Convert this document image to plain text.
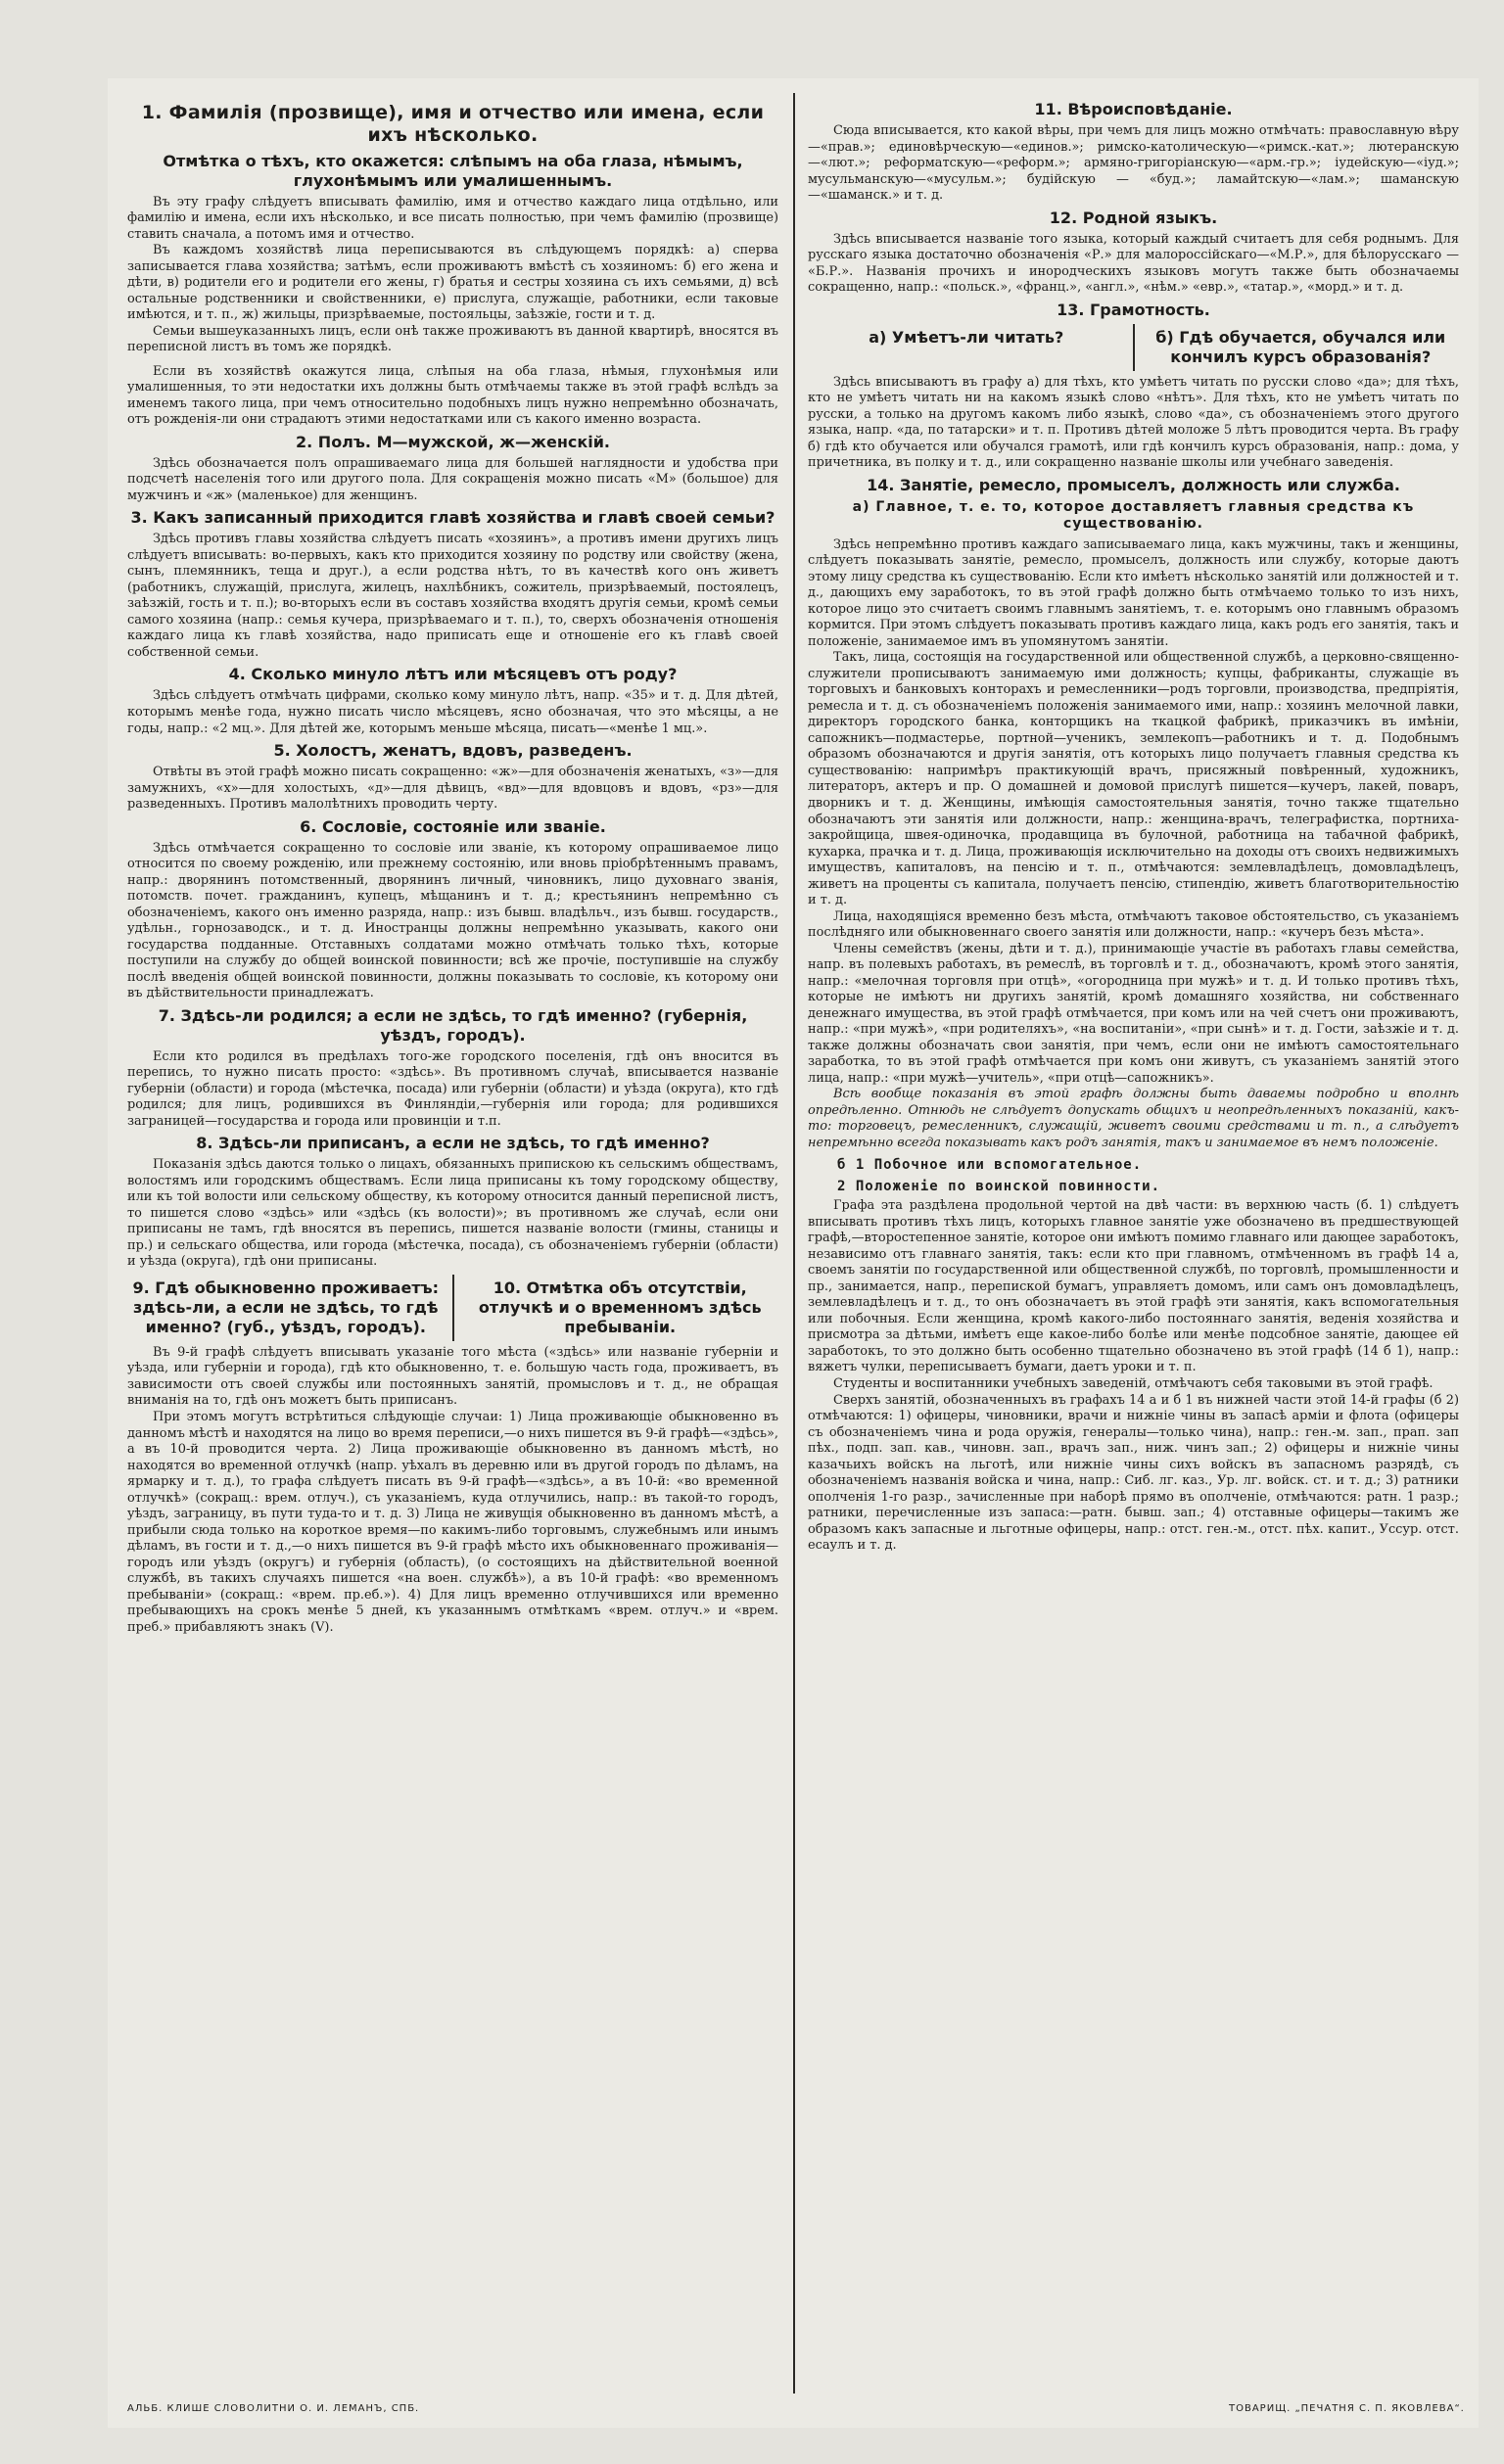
1. Фамилія (прозвище), имя и отчество или имена, если ихъ нѣсколько.
Отмѣтка о тѣхъ, кто окажется: слѣпымъ на оба глаза, нѣмымъ, глухонѣмымъ или умалишеннымъ.

Въ эту графу слѣдуетъ вписывать фамилію, имя и отчество каждаго лица отдѣльно, или фамилію и имена, если ихъ нѣсколько, и все писать полностью, при чемъ фамилію (прозвище) ставить сначала, а потомъ имя и отчество.

Въ каждомъ хозяйствѣ лица переписываются въ слѣдующемъ порядкѣ: а) сперва записывается глава хозяйства; затѣмъ, если проживаютъ вмѣстѣ съ хозяиномъ: б) его жена и дѣти, в) родители его и родители его жены, г) братья и сестры хозяина съ ихъ семьями, д) всѣ остальные родственники и свойственники, е) прислуга, служащіе, работники, если таковые имѣются, и т. п., ж) жильцы, призрѣваемые, постояльцы, заѣзжіе, гости и т. д.

Семьи вышеуказанныхъ лицъ, если онѣ также проживаютъ въ данной квартирѣ, вносятся въ переписной листъ въ томъ же порядкѣ.

Если въ хозяйствѣ окажутся лица, слѣпыя на оба глаза, нѣмыя, глухонѣмыя или умалишенныя, то эти недостатки ихъ должны быть отмѣчаемы также въ этой графѣ вслѣдъ за именемъ такого лица, при чемъ относительно подобныхъ лицъ нужно непремѣнно обозначать, отъ рожденія-ли они страдаютъ этими недостатками или съ какого именно возраста.

2. Полъ. М—мужской, ж—женскій.

Здѣсь обозначается полъ опрашиваемаго лица для большей наглядности и удобства при подсчетѣ населенія того или другого пола. Для сокращенія можно писать «М» (большое) для мужчинъ и «ж» (маленькое) для женщинъ.

3. Какъ записанный приходится главѣ хозяйства и главѣ своей семьи?

Здѣсь противъ главы хозяйства слѣдуетъ писать «хозяинъ», а противъ имени другихъ лицъ слѣдуетъ вписывать: во-первыхъ, какъ кто приходится хозяину по родству или свойству (жена, сынъ, племянникъ, теща и друг.), а если родства нѣтъ, то въ качествѣ кого онъ живетъ (работникъ, служащій, прислуга, жилецъ, нахлѣбникъ, сожитель, призрѣваемый, постоялецъ, заѣзжій, гость и т. п.); во-вторыхъ если въ составъ хозяйства входятъ другія семьи, кромѣ семьи самого хозяина (напр.: семья кучера, призрѣваемаго и т. п.), то, сверхъ обозначенія отношенія каждаго лица къ главѣ хозяйства, надо приписать еще и отношеніе его къ главѣ своей собственной семьи.

4. Сколько минуло лѣтъ или мѣсяцевъ отъ роду?

Здѣсь слѣдуетъ отмѣчать цифрами, сколько кому минуло лѣтъ, напр. «35» и т. д. Для дѣтей, которымъ менѣе года, нужно писать число мѣсяцевъ, ясно обозначая, что это мѣсяцы, а не годы, напр.: «2 мц.». Для дѣтей же, которымъ меньше мѣсяца, писать—«менѣе 1 мц.».

5. Холостъ, женатъ, вдовъ, разведенъ.

Отвѣты въ этой графѣ можно писать сокращенно: «ж»—для обозначенія женатыхъ, «з»—для замужнихъ, «х»—для холостыхъ, «д»—для дѣвицъ, «вд»—для вдовцовъ и вдовъ, «рз»—для разведенныхъ. Противъ малолѣтнихъ проводить черту.

6. Сословіе, состояніе или званіе.

Здѣсь отмѣчается сокращенно то сословіе или званіе, къ которому опрашиваемое лицо относится по своему рожденію, или прежнему состоянію, или вновь пріобрѣтеннымъ правамъ, напр.: дворянинъ потомственный, дворянинъ личный, чиновникъ, лицо духовнаго званія, потомств. почет. гражданинъ, купецъ, мѣщанинъ и т. д.; крестьянинъ непремѣнно съ обозначеніемъ, какого онъ именно разряда, напр.: изъ бывш. владѣльч., изъ бывш. государств., удѣльн., горнозаводск., и т. д. Иностранцы должны непремѣнно указывать, какого они государства подданные. Отставныхъ солдатами можно отмѣчать только тѣхъ, которые поступили на службу до общей воинской повинности; всѣ же прочіе, поступившіе на службу послѣ введенія общей воинской повинности, должны показывать то сословіе, къ которому они въ дѣйствительности принадлежатъ.

7. Здѣсь-ли родился; а если не здѣсь, то гдѣ именно? (губернія, уѣздъ, городъ).

Если кто родился въ предѣлахъ того-же городского поселенія, гдѣ онъ вносится въ перепись, то нужно писать просто: «здѣсь». Въ противномъ случаѣ, вписывается названіе губерніи (области) и города (мѣстечка, посада) или губерніи (области) и уѣзда (округа), кто гдѣ родился; для лицъ, родившихся въ Финляндіи,—губернія или города; для родившихся заграницей—государства и города или провинціи и т.п.

8. Здѣсь-ли приписанъ, а если не здѣсь, то гдѣ именно?

Показанія здѣсь даются только о лицахъ, обязанныхъ припискою къ сельскимъ обществамъ, волостямъ или городскимъ обществамъ. Если лица приписаны къ тому городскому обществу, или къ той волости или сельскому обществу, къ которому относится данный переписной листъ, то пишется слово «здѣсь» или «здѣсь (къ волости)»; въ противномъ же случаѣ, если они приписаны не тамъ, гдѣ вносятся въ перепись, пишется названіе волости (гмины, станицы и пр.) и сельскаго общества, или города (мѣстечка, посада), съ обозначеніемъ губерніи (области) и уѣзда (округа), гдѣ они приписаны.

9. Гдѣ обыкновенно проживаетъ: здѣсь-ли, а если не здѣсь, то гдѣ именно? (губ., уѣздъ, городъ).
10. Отмѣтка объ отсутствіи, отлучкѣ и о временномъ здѣсь пребываніи.

Въ 9-й графѣ слѣдуетъ вписывать указаніе того мѣста («здѣсь» или названіе губерніи и уѣзда, или губерніи и города), гдѣ кто обыкновенно, т. е. большую часть года, проживаетъ, въ зависимости отъ своей службы или постоянныхъ занятій, промысловъ и т. д., не обращая вниманія на то, гдѣ онъ можетъ быть приписанъ.

При этомъ могутъ встрѣтиться слѣдующіе случаи: 1) Лица проживающіе обыкновенно въ данномъ мѣстѣ и находятся на лицо во время переписи,—о нихъ пишется въ 9-й графѣ—«здѣсь», а въ 10-й проводится черта. 2) Лица проживающіе обыкновенно въ данномъ мѣстѣ, но находятся во временной отлучкѣ (напр. уѣхалъ въ деревню или въ другой городъ по дѣламъ, на ярмарку и т. д.), то графа слѣдуетъ писать въ 9-й графѣ—«здѣсь», а въ 10-й: «во временной отлучкѣ» (сокращ.: врем. отлуч.), съ указаніемъ, куда отлучились, напр.: въ такой-то городъ, уѣздъ, заграницу, въ пути туда-то и т. д. 3) Лица не живущія обыкновенно въ данномъ мѣстѣ, а прибыли сюда только на короткое время—по какимъ-либо торговымъ, служебнымъ или инымъ дѣламъ, въ гости и т. д.,—о нихъ пишется въ 9-й графѣ мѣсто ихъ обыкновеннаго проживанія—городъ или уѣздъ (округъ) и губернія (область), (о состоящихъ на дѣйствительной военной службѣ, въ такихъ случаяхъ пишется «на воен. службѣ»), а въ 10-й графѣ: «во временномъ пребываніи» (сокращ.: «врем. пр.еб.»). 4) Для лицъ временно отлучившихся или временно пребывающихъ на срокъ менѣе 5 дней, къ указаннымъ отмѣткамъ «врем. отлуч.» и «врем. преб.» прибавляютъ знакъ (V).

11. Вѣроисповѣданіе.

Сюда вписывается, кто какой вѣры, при чемъ для лицъ можно отмѣчать: православную вѣру—«прав.»; единовѣрческую—«единов.»; римско-католическую—«римск.-кат.»; лютеранскую—«лют.»; реформатскую—«реформ.»; армяно-григоріанскую—«арм.-гр.»; іудейскую—«іуд.»; мусульманскую—«мусульм.»; будійскую — «буд.»; ламайтскую—«лам.»; шаманскую—«шаманск.» и т. д.

12. Родной языкъ.

Здѣсь вписывается названіе того языка, который каждый считаетъ для себя роднымъ. Для русскаго языка достаточно обозначенія «Р.» для малороссійскаго—«М.Р.», для бѣлорусскаго — «Б.Р.». Названія прочихъ и инородческихъ языковъ могутъ также быть обозначаемы сокращенно, напр.: «польск.», «франц.», «англ.», «нѣм.» «евр.», «татар.», «морд.» и т. д.

13. Грамотность.
а) Умѣетъ-ли читать?	б) Гдѣ обучается, обучался или кончилъ курсъ образованія?

Здѣсь вписываютъ въ графу а) для тѣхъ, кто умѣетъ читать по русски слово «да»; для тѣхъ, кто не умѣетъ читать ни на какомъ языкѣ слово «нѣтъ». Для тѣхъ, кто не умѣетъ читать по русски, а только на другомъ какомъ либо языкѣ, слово «да», съ обозначеніемъ этого другого языка, напр. «да, по татарски» и т. п. Противъ дѣтей моложе 5 лѣтъ проводится черта. Въ графу б) гдѣ кто обучается или обучался грамотѣ, или гдѣ кончилъ курсъ образованія, напр.: дома, у причетника, въ полку и т. д., или сокращенно названіе школы или учебнаго заведенія.

14. Занятіе, ремесло, промыселъ, должность или служба.
а) Главное, т. е. то, которое доставляетъ главныя средства къ существованію.

Здѣсь непремѣнно противъ каждаго записываемаго лица, какъ мужчины, такъ и женщины, слѣдуетъ показывать занятіе, ремесло, промыселъ, должность или службу, которые даютъ этому лицу средства къ существованію. Если кто имѣетъ нѣсколько занятій или должностей и т. д., дающихъ ему заработокъ, то въ этой графѣ должно быть отмѣчаемо только то изъ нихъ, которое лицо это считаетъ своимъ главнымъ занятіемъ, т. е. которымъ оно главнымъ образомъ кормится. При этомъ слѣдуетъ показывать противъ каждаго лица, какъ родъ его занятія, такъ и положеніе, занимаемое имъ въ упомянутомъ занятіи.

Такъ, лица, состоящія на государственной или общественной службѣ, а церковно-священно-служители прописываютъ занимаемую ими должность; купцы, фабриканты, служащіе въ торговыхъ и банковыхъ конторахъ и ремесленники—родъ торговли, производства, предпріятія, ремесла и т. д. съ обозначеніемъ положенія занимаемого ими, напр.: хозяинъ мелочной лавки, директоръ городского банка, конторщикъ на ткацкой фабрикѣ, приказчикъ въ имѣніи, сапожникъ—подмастерье, портной—ученикъ, землекопъ—работникъ и т. д. Подобнымъ образомъ обозначаются и другія занятія, отъ которыхъ лицо получаетъ главныя средства къ существованію: напримѣръ практикующій врачъ, присяжный повѣренный, художникъ, литераторъ, актеръ и пр. О домашней и домовой прислугѣ пишется—кучеръ, лакей, поваръ, дворникъ и т. д. Женщины, имѣющія самостоятельныя занятія, точно также тщательно обозначаютъ эти занятія или должности, напр.: женщина-врачъ, телеграфистка, портниха-закройщица, швея-одиночка, продавщица въ булочной, работница на табачной фабрикѣ, кухарка, прачка и т. д. Лица, проживающія исключительно на доходы отъ своихъ недвижимыхъ имуществъ, капиталовъ, на пенсію и т. п., отмѣчаются: землевладѣлецъ, домовладѣлецъ, живетъ на проценты съ капитала, получаетъ пенсію, стипендію, живетъ благотворительностію и т. д.

Лица, находящіяся временно безъ мѣста, отмѣчаютъ таковое обстоятельство, съ указаніемъ послѣдняго или обыкновеннаго своего занятія или должности, напр.: «кучеръ безъ мѣста».

Члены семействъ (жены, дѣти и т. д.), принимающіе участіе въ работахъ главы семейства, напр. въ полевыхъ работахъ, въ ремеслѣ, въ торговлѣ и т. д., обозначаютъ, кромѣ этого занятія, напр.: «мелочная торговля при отцѣ», «огородница при мужѣ» и т. д. И только противъ тѣхъ, которые не имѣютъ ни другихъ занятій, кромѣ домашняго хозяйства, ни собственнаго денежнаго имущества, въ этой графѣ отмѣчается, при комъ или на чей счетъ они проживаютъ, напр.: «при мужѣ», «при родителяхъ», «на воспитаніи», «при сынѣ» и т. д. Гости, заѣзжіе и т. д. также должны обозначать свои занятія, при чемъ, если они не имѣютъ самостоятельнаго заработка, то въ этой графѣ отмѣчается при комъ они живутъ, съ указаніемъ занятій этого лица, напр.: «при мужѣ—учитель», «при отцѣ—сапожникъ».

Всѣ вообще показанія въ этой графѣ должны быть даваемы подробно и вполнѣ опредѣленно. Отнюдь не слѣдуетъ допускать общихъ и неопредѣленныхъ показаній, какъ-то: торговецъ, ремесленникъ, служащій, живетъ своими средствами и т. п., а слѣдуетъ непремѣнно всегда показывать какъ родъ занятія, такъ и занимаемое въ немъ положеніе.

б 1 Побочное или вспомогательное.
2 Положеніе по воинской повинности.

Графа эта раздѣлена продольной чертой на двѣ части: въ верхнюю часть (б. 1) слѣдуетъ вписывать противъ тѣхъ лицъ, которыхъ главное занятіе уже обозначено въ предшествующей графѣ,—второстепенное занятіе, которое они имѣютъ помимо главнаго или дающее заработокъ, независимо отъ главнаго занятія, такъ: если кто при главномъ, отмѣченномъ въ графѣ 14 а, своемъ занятіи по государственной или общественной службѣ, по торговлѣ, промышленности и пр., занимается, напр., перепиской бумагъ, управляетъ домомъ, или самъ онъ домовладѣлецъ, землевладѣлецъ и т. д., то онъ обозначаетъ въ этой графѣ эти занятія, какъ вспомогательныя или побочныя. Если женщина, кромѣ какого-либо постояннаго занятія, веденія хозяйства и присмотра за дѣтьми, имѣетъ еще какое-либо болѣе или менѣе подсобное занятіе, дающее ей заработокъ, то это должно быть особенно тщательно обозначено въ этой графѣ (14 б 1), напр.: вяжетъ чулки, переписываетъ бумаги, даетъ уроки и т. п.

Студенты и воспитанники учебныхъ заведеній, отмѣчаютъ себя таковыми въ этой графѣ.

Сверхъ занятій, обозначенныхъ въ графахъ 14 а и б 1 въ нижней части этой 14-й графы (б 2) отмѣчаются: 1) офицеры, чиновники, врачи и нижніе чины въ запасѣ арміи и флота (офицеры съ обозначеніемъ чина и рода оружія, генералы—только чина), напр.: ген.-м. зап., прап. зап пѣх., подп. зап. кав., чиновн. зап., врачъ зап., ниж. чинъ зап.; 2) офицеры и нижніе чины казачьихъ войскъ на льготѣ, или нижніе чины сихъ войскъ въ запасномъ разрядѣ, съ обозначеніемъ названія войска и чина, напр.: Сиб. лг. каз., Ур. лг. войск. ст. и т. д.; 3) ратники ополченія 1-го разр., зачисленные при наборѣ прямо въ ополченіе, отмѣчаются: ратн. 1 разр.; ратники, перечисленные изъ запаса:—ратн. бывш. зап.; 4) отставные офицеры—такимъ же образомъ какъ запасные и льготные офицеры, напр.: отст. ген.-м., отст. пѣх. капит., Уссур. отст. есаулъ и т. д.

АЛЬБ. КЛИШЕ СЛОВОЛИТНИ О. И. ЛЕМАНЪ, СПБ.	ТОВАРИЩ. „ПЕЧАТНЯ С. П. ЯКОВЛЕВА“.
